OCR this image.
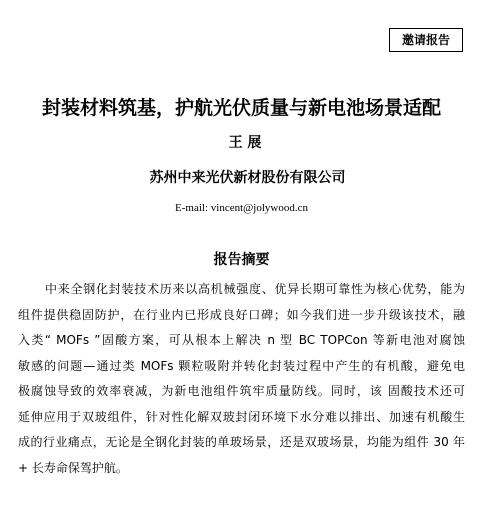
邀请报告
封装材料筑基，护航光伏质量与新电池场景适配
王 展
苏州中来光伏新材股份有限公司
E-mail: vincent@jolywood.cn
报告摘要
中来全钢化封装技术历来以高机械强度、优异长期可靠性为核心优势，能为
组件提供稳固防护，在行业内已形成良好口碑；如今我们进一步升级该技术，融
入类“ MOFs ”固酸方案，可从根本上解决 n 型 BC TOPCon 等新电池对腐蚀
敏感的问题—通过类 MOFs 颗粒吸附并转化封装过程中产生的有机酸，避免电
极腐蚀导致的效率衰减，为新电池组件筑牢质量防线。同时，该 固酸技术还可
延伸应用于双玻组件，针对性化解双玻封闭环境下水分难以排出、加速有机酸生
成的行业痛点，无论是全钢化封装的单玻场景，还是双玻场景，均能为组件 30 年
+ 长寿命保驾护航。
